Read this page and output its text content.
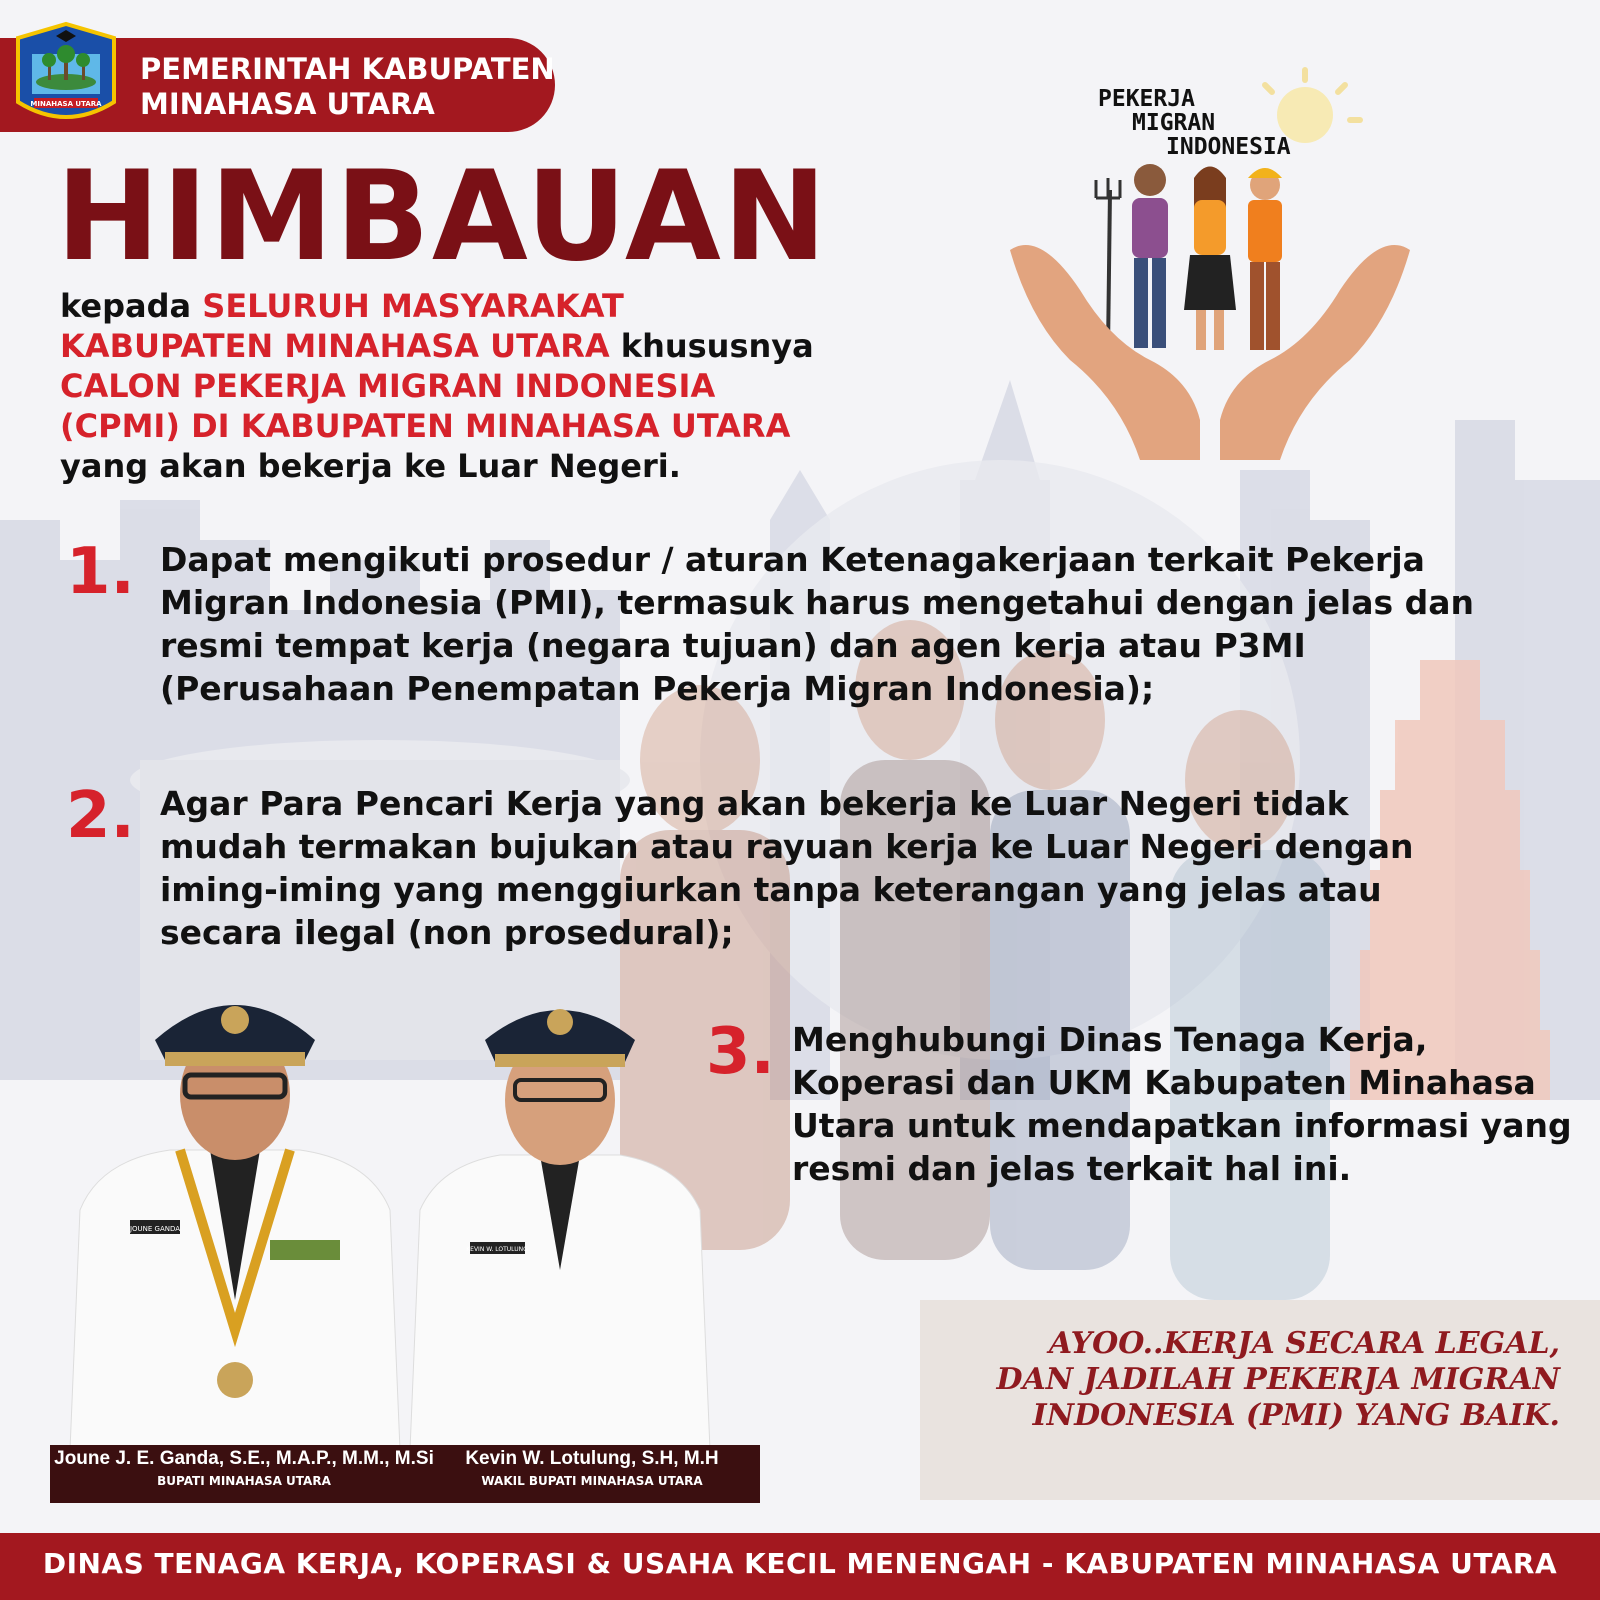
MINAHASA UTARA
PEMERINTAH KABUPATEN
MINAHASA UTARA
HIMBAUAN
kepada SELURUH MASYARAKAT KABUPATEN MINAHASA UTARA khususnya CALON PEKERJA MIGRAN INDONESIA (CPMI) DI KABUPATEN MINAHASA UTARA yang akan bekerja ke Luar Negeri.
PEKERJA
MIGRAN
INDONESIA
1. Dapat mengikuti prosedur / aturan Ketenagakerjaan terkait Pekerja Migran Indonesia (PMI), termasuk harus mengetahui dengan jelas dan resmi tempat kerja (negara tujuan) dan agen kerja atau P3MI (Perusahaan Penempatan Pekerja Migran Indonesia);
2. Agar Para Pencari Kerja yang akan bekerja ke Luar Negeri tidak mudah termakan bujukan atau rayuan kerja ke Luar Negeri dengan iming-iming yang menggiurkan tanpa keterangan yang jelas atau secara ilegal (non prosedural);
3. Menghubungi Dinas Tenaga Kerja, Koperasi dan UKM Kabupaten Minahasa Utara untuk mendapatkan informasi yang resmi dan jelas terkait hal ini.
JOUNE GANDA
KEVIN W. LOTULUNG
Joune J. E. Ganda, S.E., M.A.P., M.M., M.Si
BUPATI MINAHASA UTARA
Kevin W. Lotulung, S.H, M.H
WAKIL BUPATI MINAHASA UTARA
AYOO..KERJA SECARA LEGAL,
DAN JADILAH PEKERJA MIGRAN
INDONESIA (PMI) YANG BAIK.
DINAS TENAGA KERJA, KOPERASI & USAHA KECIL MENENGAH - KABUPATEN MINAHASA UTARA
